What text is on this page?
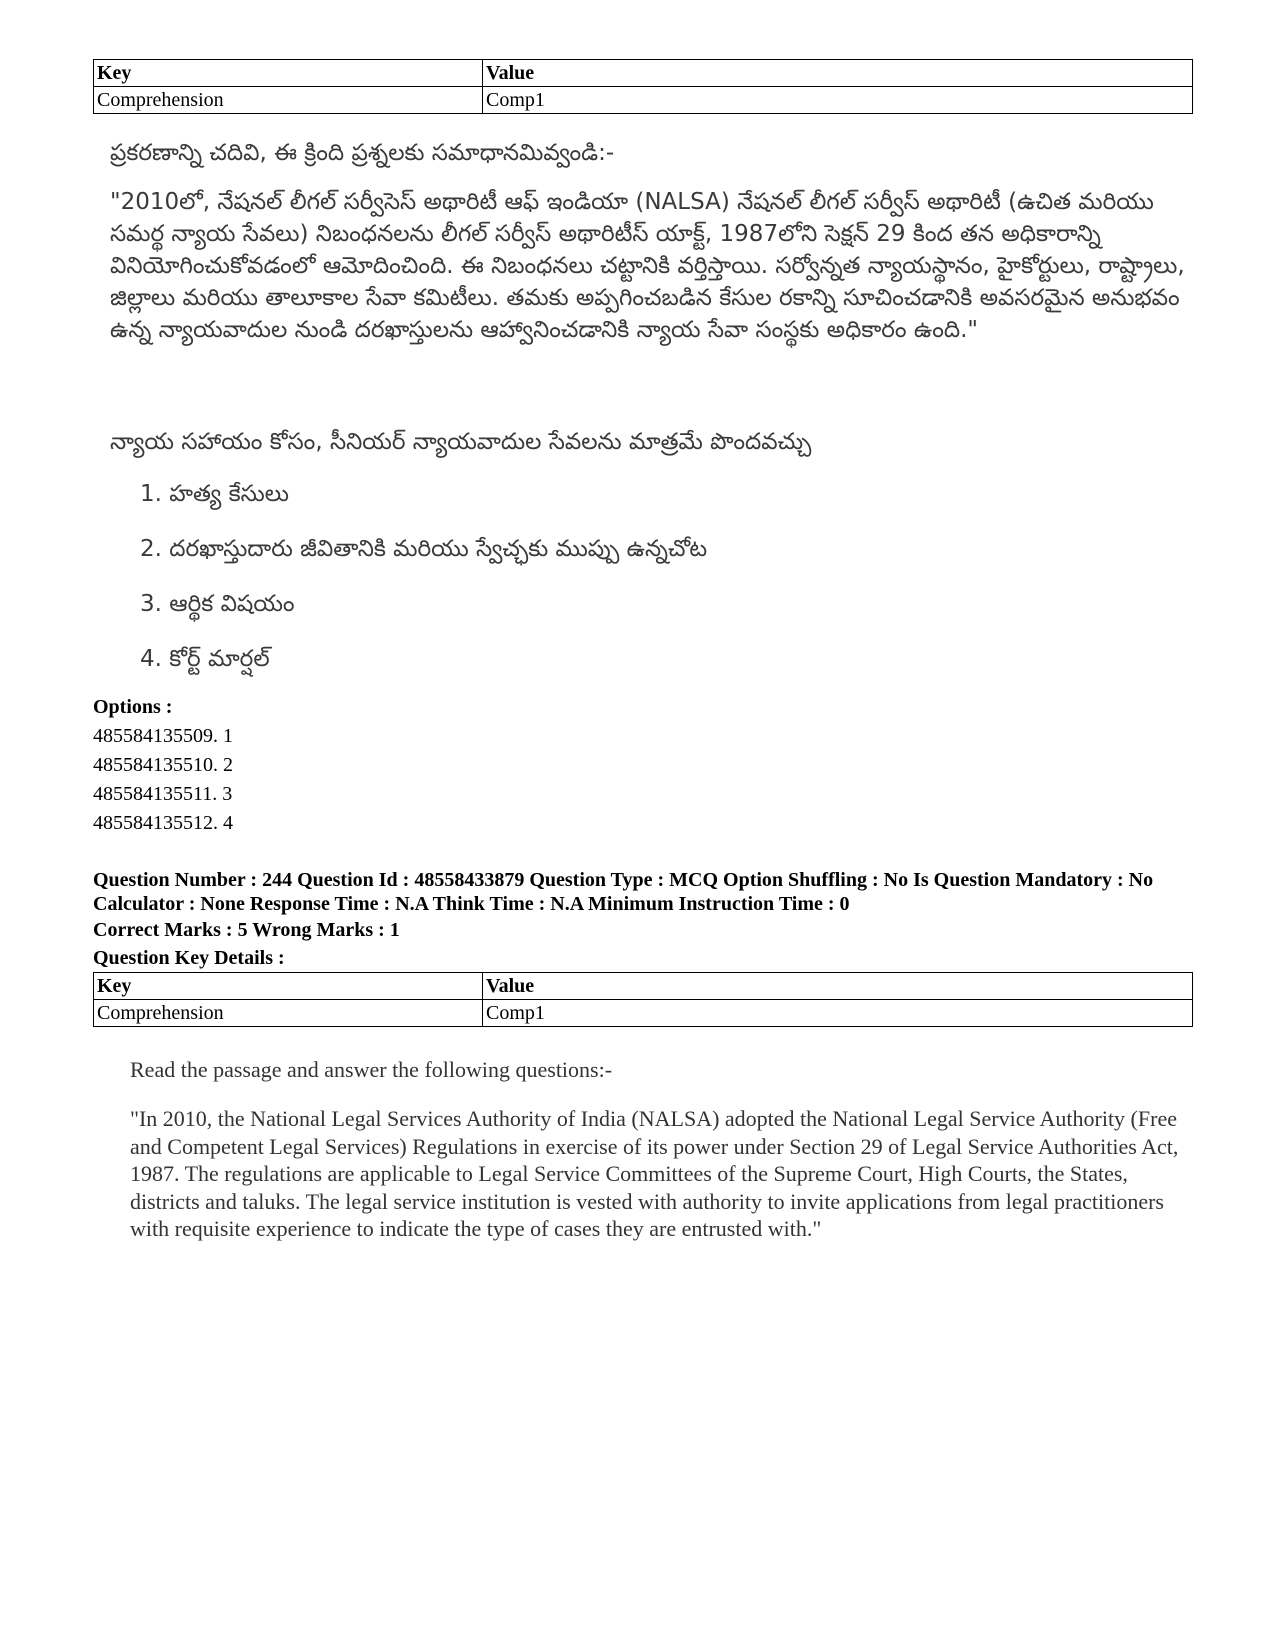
Key	Value
Comprehension	Comp1
ప్రకరణాన్ని చదివి, ఈ క్రింది ప్రశ్నలకు సమాధానమివ్వండి:-
"2010లో, నేషనల్ లీగల్ సర్వీసెస్ అథారిటీ ఆఫ్ ఇండియా (NALSA) నేషనల్ లీగల్ సర్వీస్ అథారిటీ (ఉచిత మరియు సమర్థ న్యాయ సేవలు) నిబంధనలను లీగల్ సర్వీస్ అథారిటీస్ యాక్ట్, 1987లోని సెక్షన్ 29 కింద తన అధికారాన్ని వినియోగించుకోవడంలో ఆమోదించింది. ఈ నిబంధనలు చట్టానికి వర్తిస్తాయి. సర్వోన్నత న్యాయస్థానం, హైకోర్టులు, రాష్ట్రాలు, జిల్లాలు మరియు తాలూకాల సేవా కమిటీలు. తమకు అప్పగించబడిన కేసుల రకాన్ని సూచించడానికి అవసరమైన అనుభవం ఉన్న న్యాయవాదుల నుండి దరఖాస్తులను ఆహ్వానించడానికి న్యాయ సేవా సంస్థకు అధికారం ఉంది."
న్యాయ సహాయం కోసం, సీనియర్ న్యాయవాదుల సేవలను మాత్రమే పొందవచ్చు
1. హత్య కేసులు
2. దరఖాస్తుదారు జీవితానికి మరియు స్వేచ్ఛకు ముప్పు ఉన్నచోట
3. ఆర్థిక విషయం
4. కోర్ట్ మార్షల్
Options :
485584135509. 1
485584135510. 2
485584135511. 3
485584135512. 4
Question Number : 244 Question Id : 48558433879 Question Type : MCQ Option Shuffling : No Is Question Mandatory : No Calculator : None Response Time : N.A Think Time : N.A Minimum Instruction Time : 0
Correct Marks : 5 Wrong Marks : 1
Question Key Details :
Key	Value
Comprehension	Comp1
Read the passage and answer the following questions:-
"In 2010, the National Legal Services Authority of India (NALSA) adopted the National Legal Service Authority (Free and Competent Legal Services) Regulations in exercise of its power under Section 29 of Legal Service Authorities Act, 1987. The regulations are applicable to Legal Service Committees of the Supreme Court, High Courts, the States, districts and taluks. The legal service institution is vested with authority to invite applications from legal practitioners with requisite experience to indicate the type of cases they are entrusted with."
